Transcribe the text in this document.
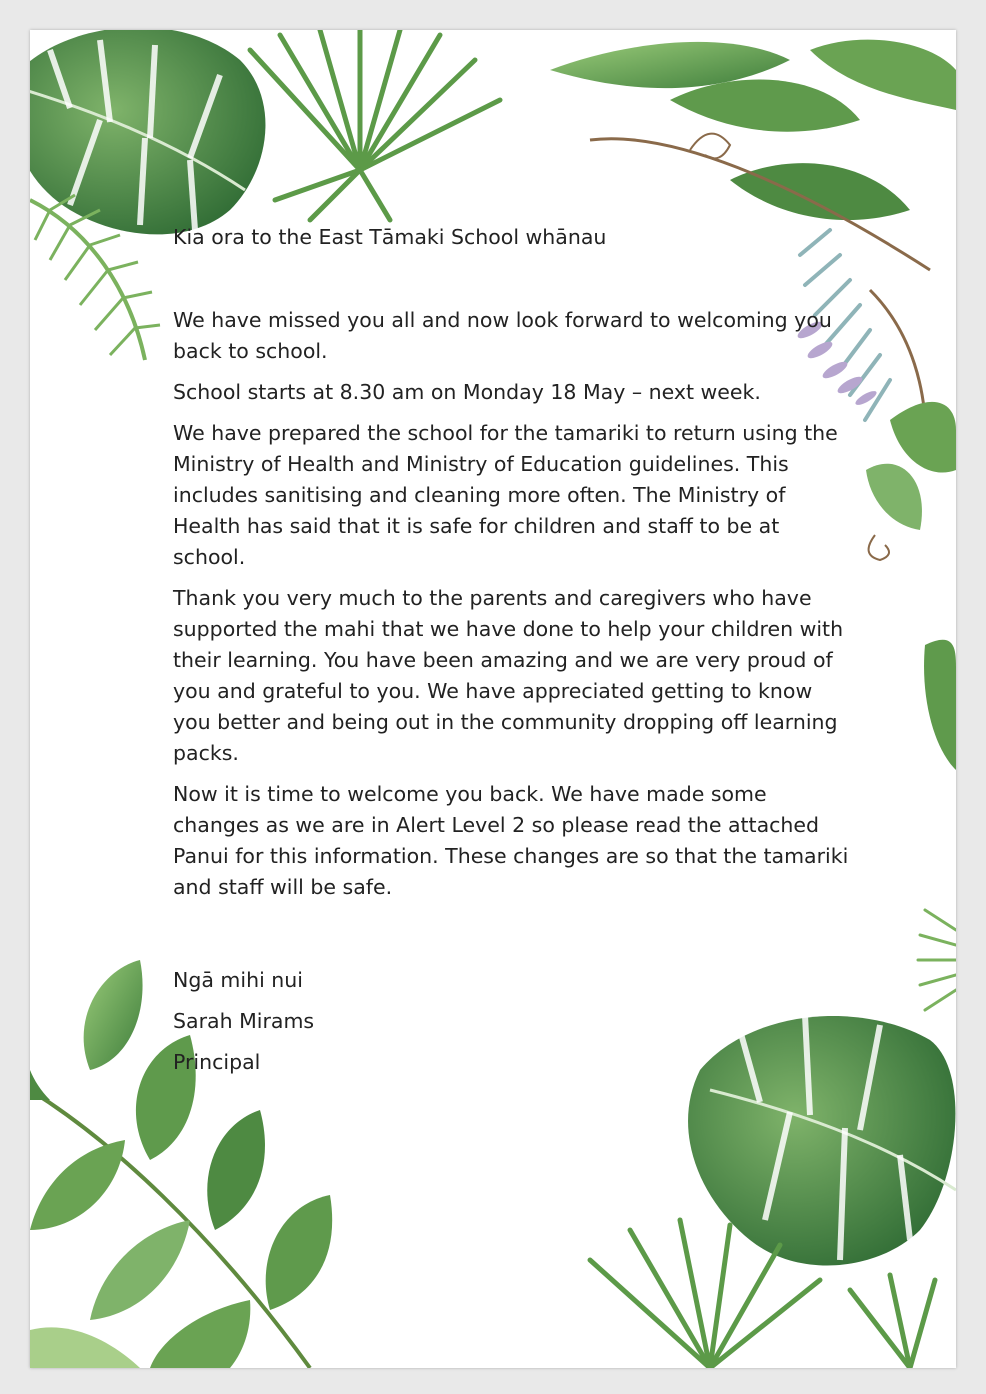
Kia ora to the East Tāmaki School whānau

We have missed you all and now look forward to welcoming you back to school.

School starts at 8.30 am on Monday 18 May – next week.

We have prepared the school for the tamariki to return using the Ministry of Health and Ministry of Education guidelines. This includes sanitising and cleaning more often. The Ministry of Health has said that it is safe for children and staff to be at school.

Thank you very much to the parents and caregivers who have supported the mahi that we have done to help your children with their learning. You have been amazing and we are very proud of you and grateful to you. We have appreciated getting to know you better and being out in the community dropping off learning packs.

Now it is time to welcome you back. We have made some changes as we are in Alert Level 2 so please read the attached Panui for this information. These changes are so that the tamariki and staff will be safe.

Ngā mihi nui

Sarah Mirams

Principal
